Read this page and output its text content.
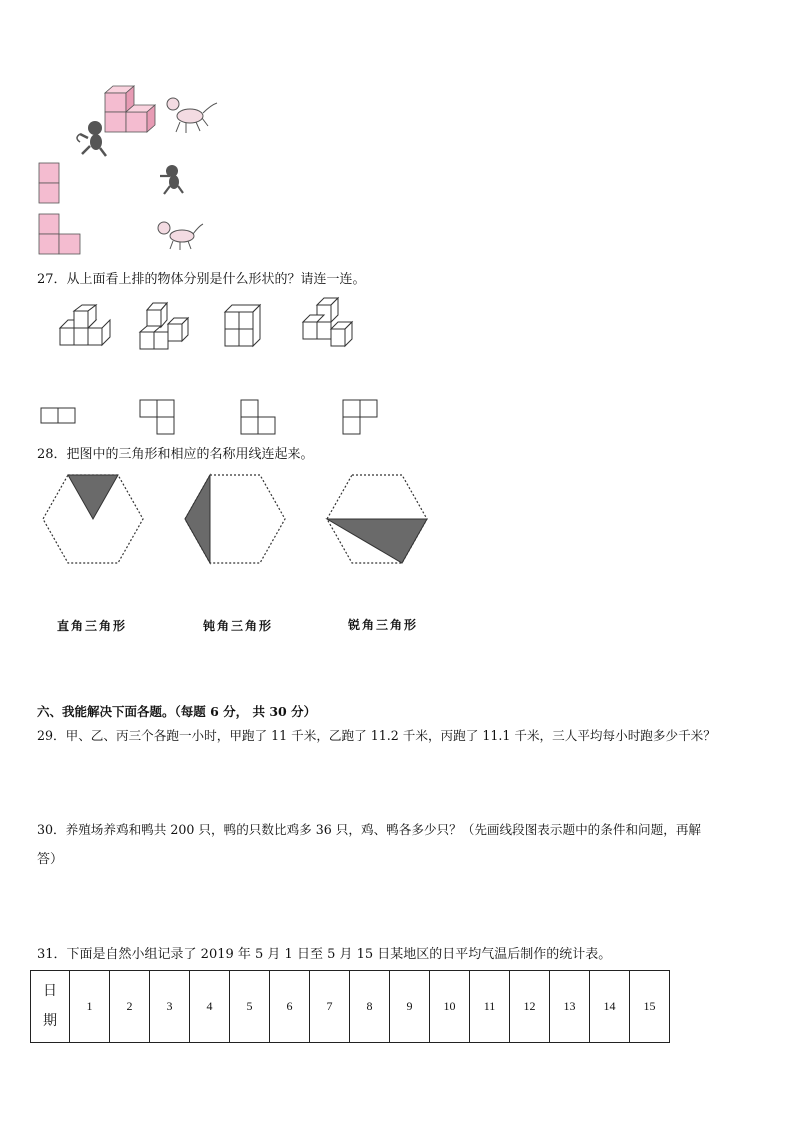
27．从上面看上排的物体分别是什么形状的？请连一连。
28．把图中的三角形和相应的名称用线连起来。
直角三角形	钝角三角形	锐角三角形
六、我能解决下面各题。（每题 6 分， 共 30 分）
29．甲、乙、丙三个各跑一小时，甲跑了 11 千米，乙跑了 11.2 千米，丙跑了 11.1 千米，三人平均每小时跑多少千米？
30．养殖场养鸡和鸭共 200 只，鸭的只数比鸡多 36 只，鸡、鸭各多少只？（先画线段图表示题中的条件和问题，再解
答）
31．下面是自然小组记录了 2019 年 5 月 1 日至 5 月 15 日某地区的日平均气温后制作的统计表。
日
期
	1	2	3	4	5	6	7	8	9	10	11	12	13	14	15
